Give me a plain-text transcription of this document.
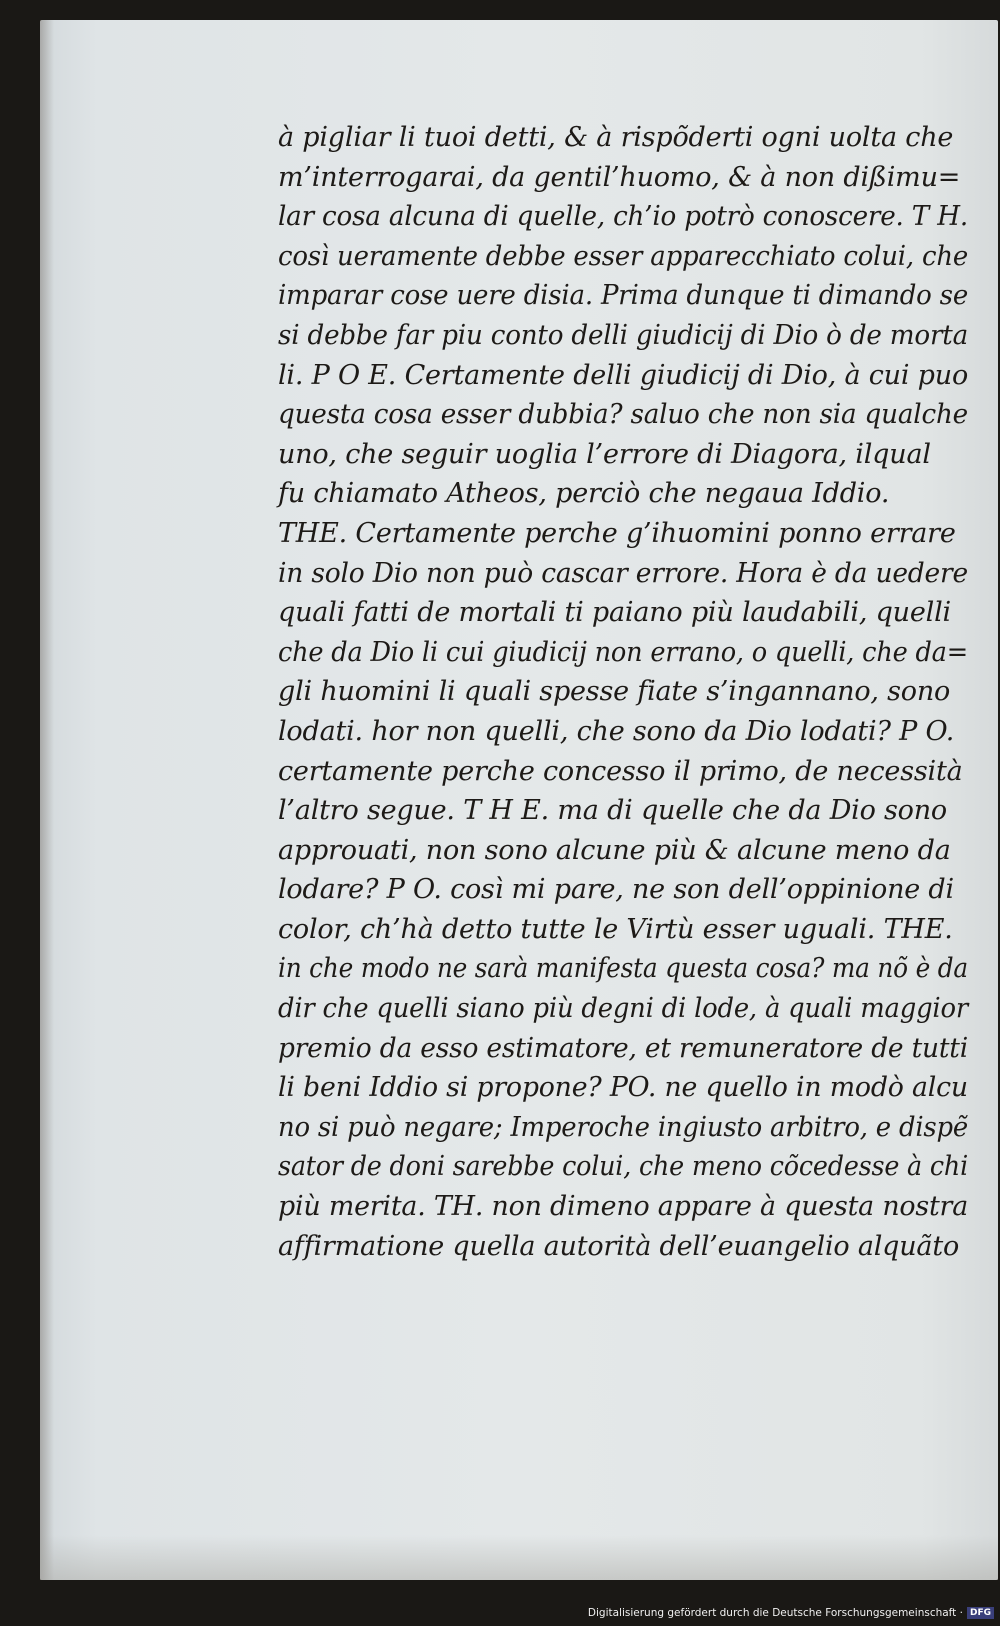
à pigliar li tuoi detti, & à rispõderti ogni uolta che
m’interrogarai, da gentil’huomo, & à non dißimu=
lar cosa alcuna di quelle, ch’io potrò conoscere. T H.
così ueramente debbe esser apparecchiato colui, che
imparar cose uere disia. Prima dunque ti dimando se
si debbe far piu conto delli giudicij di Dio ò de morta
li. P O E. Certamente delli giudicij di Dio, à cui puo
questa cosa esser dubbia? saluo che non sia qualche
uno, che seguir uoglia l’errore di Diagora, ilqual
fu chiamato Atheos, perciò che negaua Iddio.
THE. Certamente perche g’ihuomini ponno errare
in solo Dio non può cascar errore. Hora è da uedere
quali fatti de mortali ti paiano più laudabili, quelli
che da Dio li cui giudicij non errano, o quelli, che da=
gli huomini li quali spesse fiate s’ingannano, sono
lodati. hor non quelli, che sono da Dio lodati? P O.
certamente perche concesso il primo, de necessità
l’altro segue. T H E. ma di quelle che da Dio sono
approuati, non sono alcune più & alcune meno da
lodare? P O. così mi pare, ne son dell’oppinione di
color, ch’hà detto tutte le Virtù esser uguali. THE.
in che modo ne sarà manifesta questa cosa? ma nõ è da
dir che quelli siano più degni di lode, à quali maggior
premio da esso estimatore, et remuneratore de tutti
li beni Iddio si propone? PO. ne quello in modò alcu
no si può negare; Imperoche ingiusto arbitro, e dispẽ
sator de doni sarebbe colui, che meno cõcedesse à chi
più merita. TH. non dimeno appare à questa nostra
affirmatione quella autorità dell’euangelio alquãto
Digitalisierung gefördert durch die Deutsche Forschungsgemeinschaft · DFG
